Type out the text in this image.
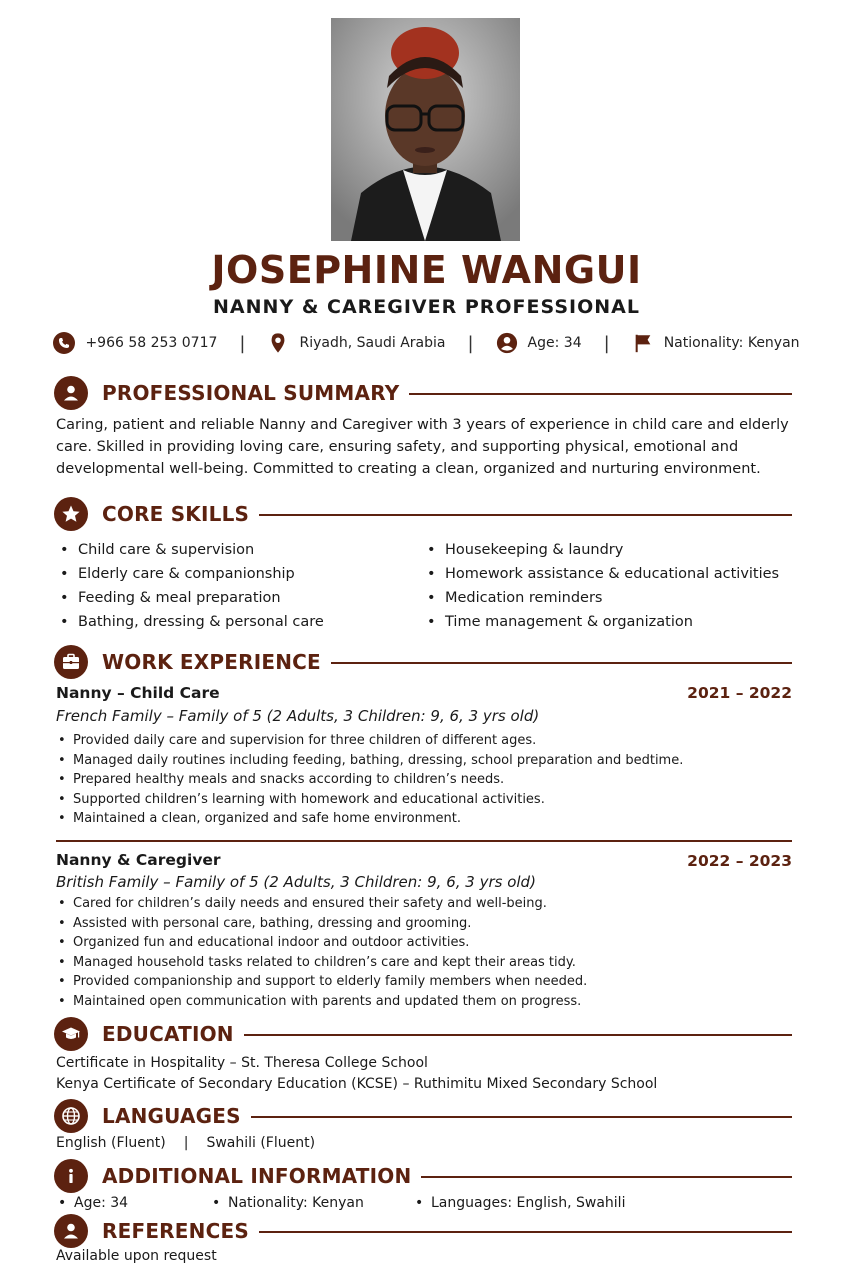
JOSEPHINE WANGUI
NANNY & CAREGIVER PROFESSIONAL
+966 58 253 0717 |	Riyadh, Saudi Arabia |	Age: 34 |	Nationality: Kenyan
PROFESSIONAL SUMMARY
Caring, patient and reliable Nanny and Caregiver with 3 years of experience in child care and elderly care. Skilled in providing loving care, ensuring safety, and supporting physical, emotional and developmental well-being. Committed to creating a clean, organized and nurturing environment.
CORE SKILLS
• Child care & supervision
• Elderly care & companionship
• Feeding & meal preparation
• Bathing, dressing & personal care
• Housekeeping & laundry
• Homework assistance & educational activities
• Medication reminders
• Time management & organization
WORK EXPERIENCE
Nanny – Child Care	2021 – 2022
French Family – Family of 5 (2 Adults, 3 Children: 9, 6, 3 yrs old)
• Provided daily care and supervision for three children of different ages.
• Managed daily routines including feeding, bathing, dressing, school preparation and bedtime.
• Prepared healthy meals and snacks according to children’s needs.
• Supported children’s learning with homework and educational activities.
• Maintained a clean, organized and safe home environment.
Nanny & Caregiver	2022 – 2023
British Family – Family of 5 (2 Adults, 3 Children: 9, 6, 3 yrs old)
• Cared for children’s daily needs and ensured their safety and well-being.
• Assisted with personal care, bathing, dressing and grooming.
• Organized fun and educational indoor and outdoor activities.
• Managed household tasks related to children’s care and kept their areas tidy.
• Provided companionship and support to elderly family members when needed.
• Maintained open communication with parents and updated them on progress.
EDUCATION
Certificate in Hospitality – St. Theresa College School
Kenya Certificate of Secondary Education (KCSE) – Ruthimitu Mixed Secondary School
LANGUAGES
English (Fluent) | Swahili (Fluent)
ADDITIONAL INFORMATION
• Age: 34	• Nationality: Kenyan	• Languages: English, Swahili
REFERENCES
Available upon request
